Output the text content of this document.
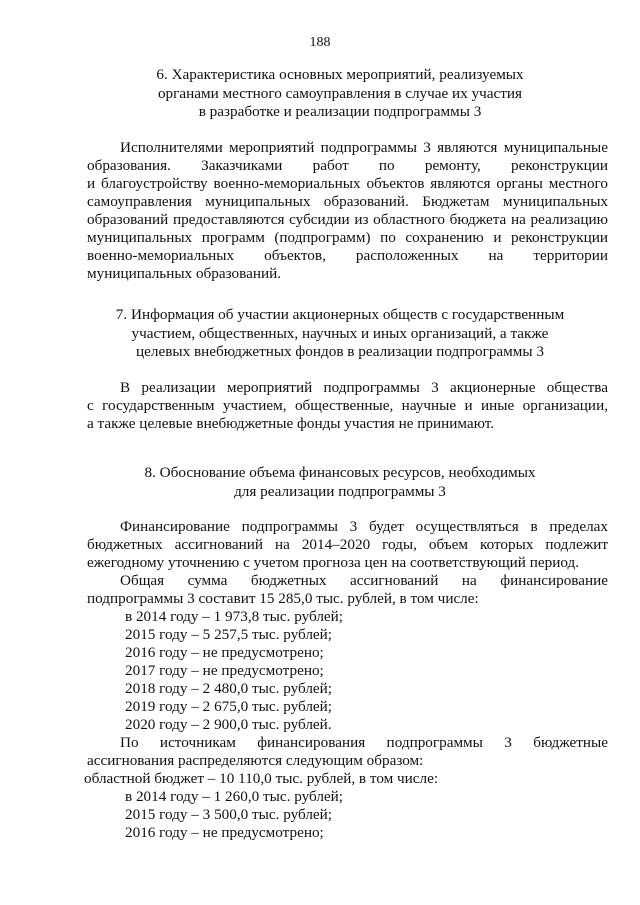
188
6. Характеристика основных мероприятий, реализуемых
органами местного самоуправления в случае их участия
в разработке и реализации подпрограммы 3
Исполнителями мероприятий подпрограммы 3 являются муниципальные
образования. Заказчиками работ по ремонту, реконструкции
и благоустройству военно-мемориальных объектов являются органы местного
самоуправления муниципальных образований. Бюджетам муниципальных
образований предоставляются субсидии из областного бюджета на реализацию
муниципальных программ (подпрограмм) по сохранению и реконструкции
военно-мемориальных объектов, расположенных на территории
муниципальных образований.
7. Информация об участии акционерных обществ с государственным
участием, общественных, научных и иных организаций, а также
целевых внебюджетных фондов в реализации подпрограммы 3
В реализации мероприятий подпрограммы 3 акционерные общества
с государственным участием, общественные, научные и иные организации,
а также целевые внебюджетные фонды участия не принимают.
8. Обоснование объема финансовых ресурсов, необходимых
для реализации подпрограммы 3
Финансирование подпрограммы 3 будет осуществляться в пределах
бюджетных ассигнований на 2014–2020 годы, объем которых подлежит
ежегодному уточнению с учетом прогноза цен на соответствующий период.
Общая сумма бюджетных ассигнований на финансирование
подпрограммы 3 составит 15 285,0 тыс. рублей, в том числе:
в 2014 году – 1 973,8 тыс. рублей;
2015 году – 5 257,5 тыс. рублей;
2016 году – не предусмотрено;
2017 году – не предусмотрено;
2018 году – 2 480,0 тыс. рублей;
2019 году – 2 675,0 тыс. рублей;
2020 году – 2 900,0 тыс. рублей.
По источникам финансирования подпрограммы 3 бюджетные
ассигнования распределяются следующим образом:
областной бюджет – 10 110,0 тыс. рублей, в том числе:
в 2014 году – 1 260,0 тыс. рублей;
2015 году – 3 500,0 тыс. рублей;
2016 году – не предусмотрено;
